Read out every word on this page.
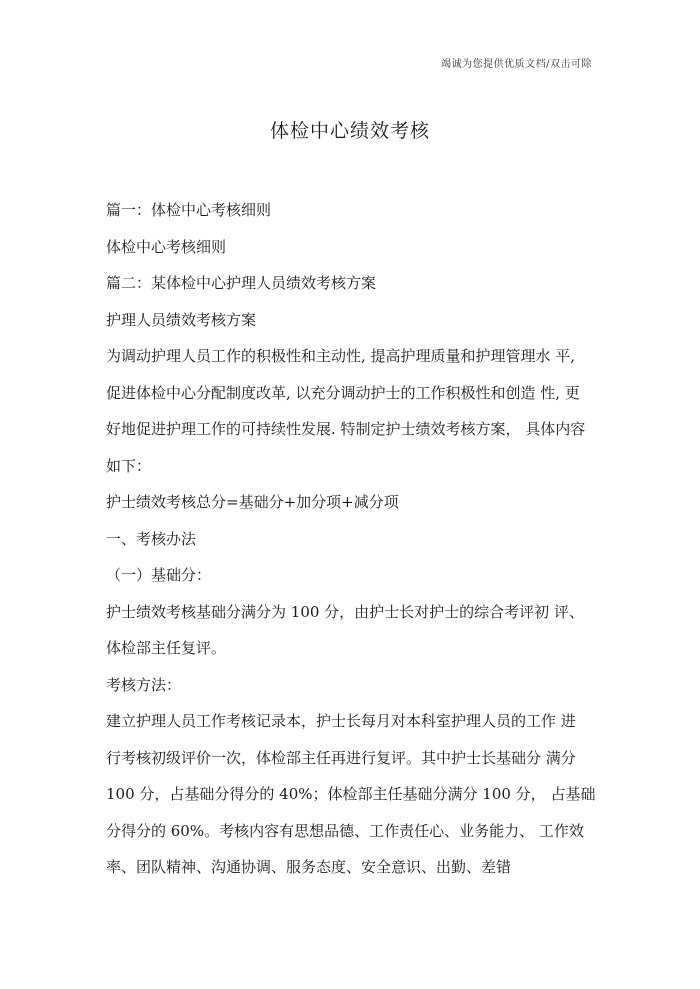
竭诚为您提供优质文档/双击可除
体检中心绩效考核

篇一：体检中心考核细则

体检中心考核细则

篇二：某体检中心护理人员绩效考核方案

护理人员绩效考核方案

为调动护理人员工作的积极性和主动性, 提高护理质量和护理管理水 平,

促进体检中心分配制度改革, 以充分调动护士的工作积极性和创造 性, 更

好地促进护理工作的可持续性发展. 特制定护士绩效考核方案， 具体内容

如下：

护士绩效考核总分=基础分+加分项+减分项

一、考核办法

（一）基础分：

护士绩效考核基础分满分为 100 分，由护士长对护士的综合考评初 评、

体检部主任复评。

考核方法：

建立护理人员工作考核记录本，护士长每月对本科室护理人员的工作 进

行考核初级评价一次，体检部主任再进行复评。其中护士长基础分 满分

100 分，占基础分得分的 40%；体检部主任基础分满分 100 分， 占基础

分得分的 60%。考核内容有思想品德、工作责任心、业务能力、 工作效

率、团队精神、沟通协调、服务态度、安全意识、出勤、差错
